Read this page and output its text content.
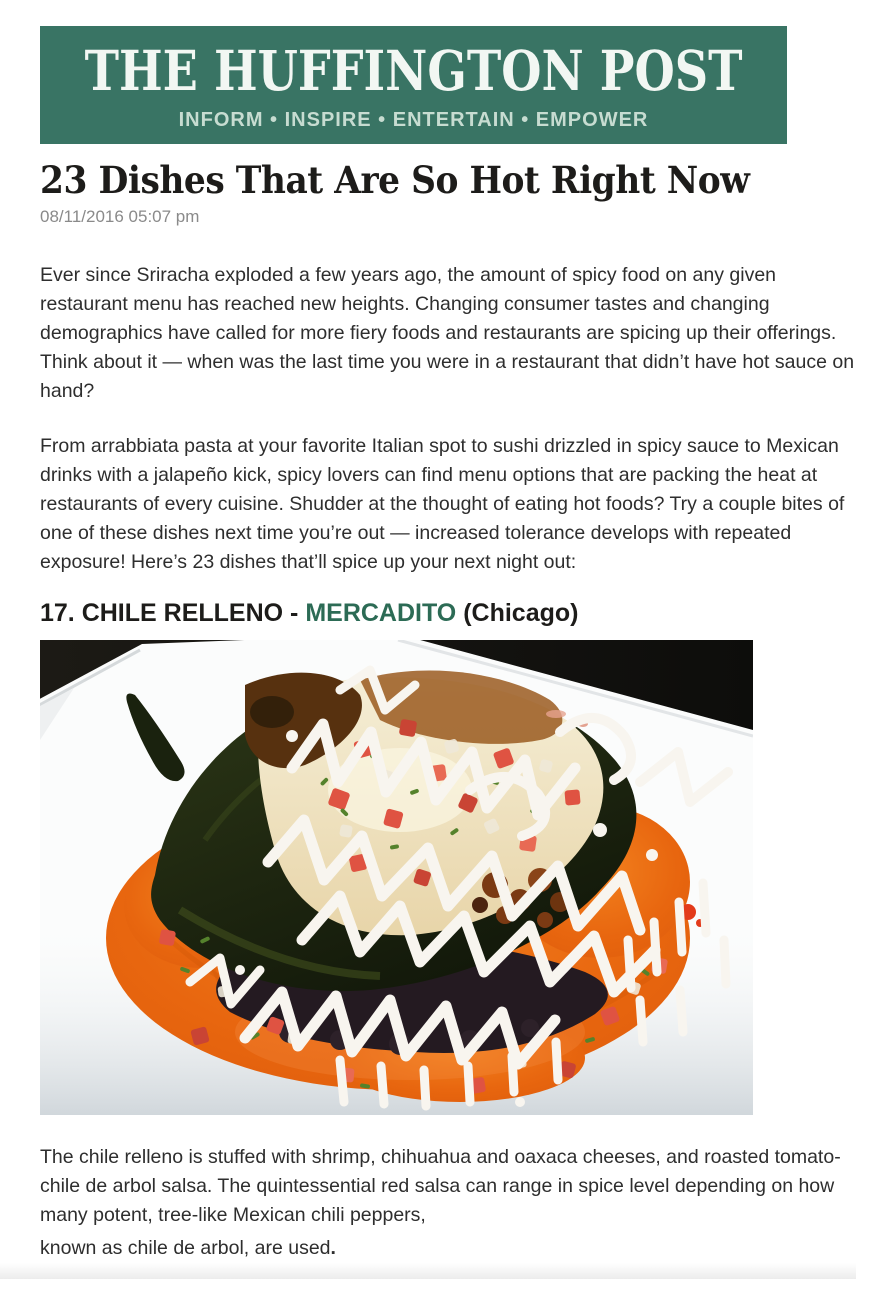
THE HUFFINGTON POST
INFORM • INSPIRE • ENTERTAIN • EMPOWER
23 Dishes That Are So Hot Right Now
08/11/2016 05:07 pm

Ever since Sriracha exploded a few years ago, the amount of spicy food on any given restaurant menu has reached new heights. Changing consumer tastes and changing demographics have called for more fiery foods and restaurants are spicing up their offerings. Think about it — when was the last time you were in a restaurant that didn’t have hot sauce on hand?

From arrabbiata pasta at your favorite Italian spot to sushi drizzled in spicy sauce to Mexican drinks with a jalapeño kick, spicy lovers can find menu options that are packing the heat at restaurants of every cuisine. Shudder at the thought of eating hot foods? Try a couple bites of one of these dishes next time you’re out — increased tolerance develops with repeated exposure! Here’s 23 dishes that’ll spice up your next night out:

17. CHILE RELLENO - MERCADITO (Chicago)

The chile relleno is stuffed with shrimp, chihuahua and oaxaca cheeses, and roasted tomato-chile de arbol salsa. The quintessential red salsa can range in spice level depending on how many potent, tree-like Mexican chili peppers,

known as chile de arbol, are used.
